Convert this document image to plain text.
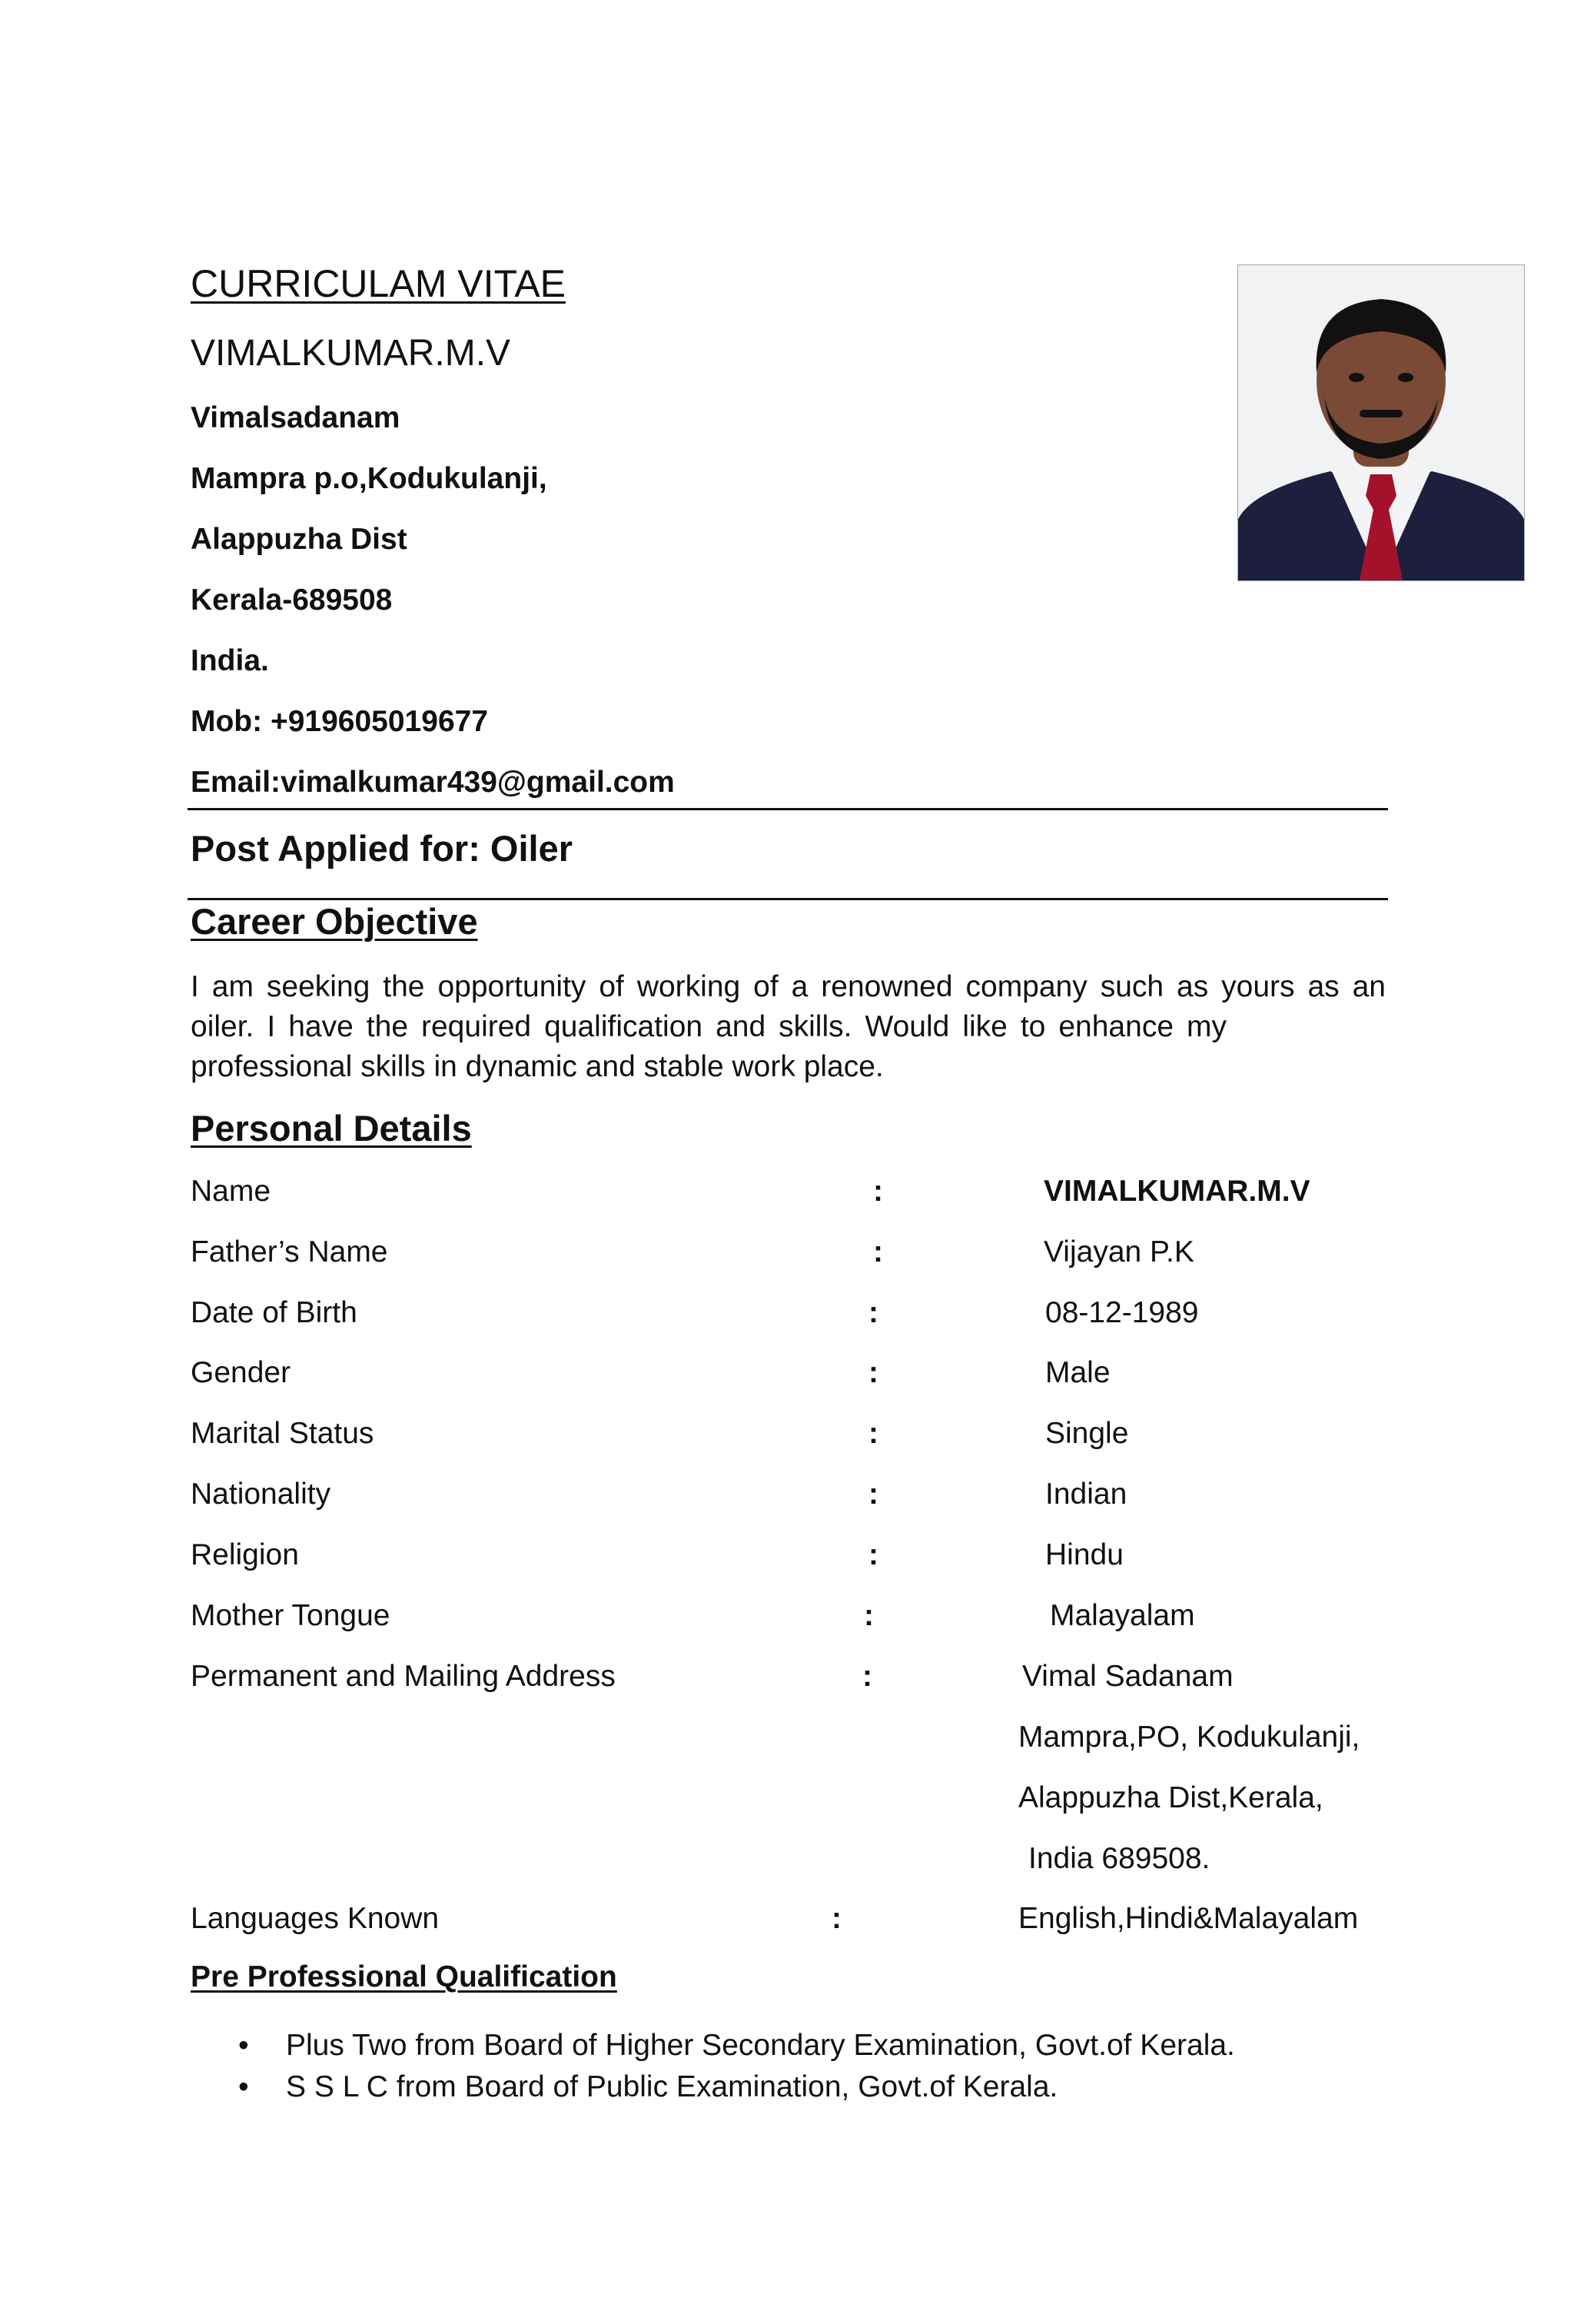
CURRICULAM VITAE
VIMALKUMAR.M.V
Vimalsadanam
Mampra p.o,Kodukulanji,
Alappuzha Dist
Kerala-689508
India.
Mob: +919605019677
Email:vimalkumar439@gmail.com
Post Applied for: Oiler
Career Objective
I am seeking the opportunity of working of a renowned company such as yours as an
oiler. I have the required qualification and skills. Would like to enhance my
professional skills in dynamic and stable work place.
Personal Details
Name	:	VIMALKUMAR.M.V
Father’s Name	:	Vijayan P.K
Date of Birth	:	08-12-1989
Gender	:	Male
Marital Status	:	Single
Nationality	:	Indian
Religion	:	Hindu
Mother Tongue	:	Malayalam
Permanent and Mailing Address	:	Vimal Sadanam
Mampra,PO, Kodukulanji,
Alappuzha Dist,Kerala,
India 689508.
Languages Known	:	English,Hindi&Malayalam
Pre Professional Qualification
• Plus Two from Board of Higher Secondary Examination, Govt.of Kerala.
• S S L C from Board of Public Examination, Govt.of Kerala.
